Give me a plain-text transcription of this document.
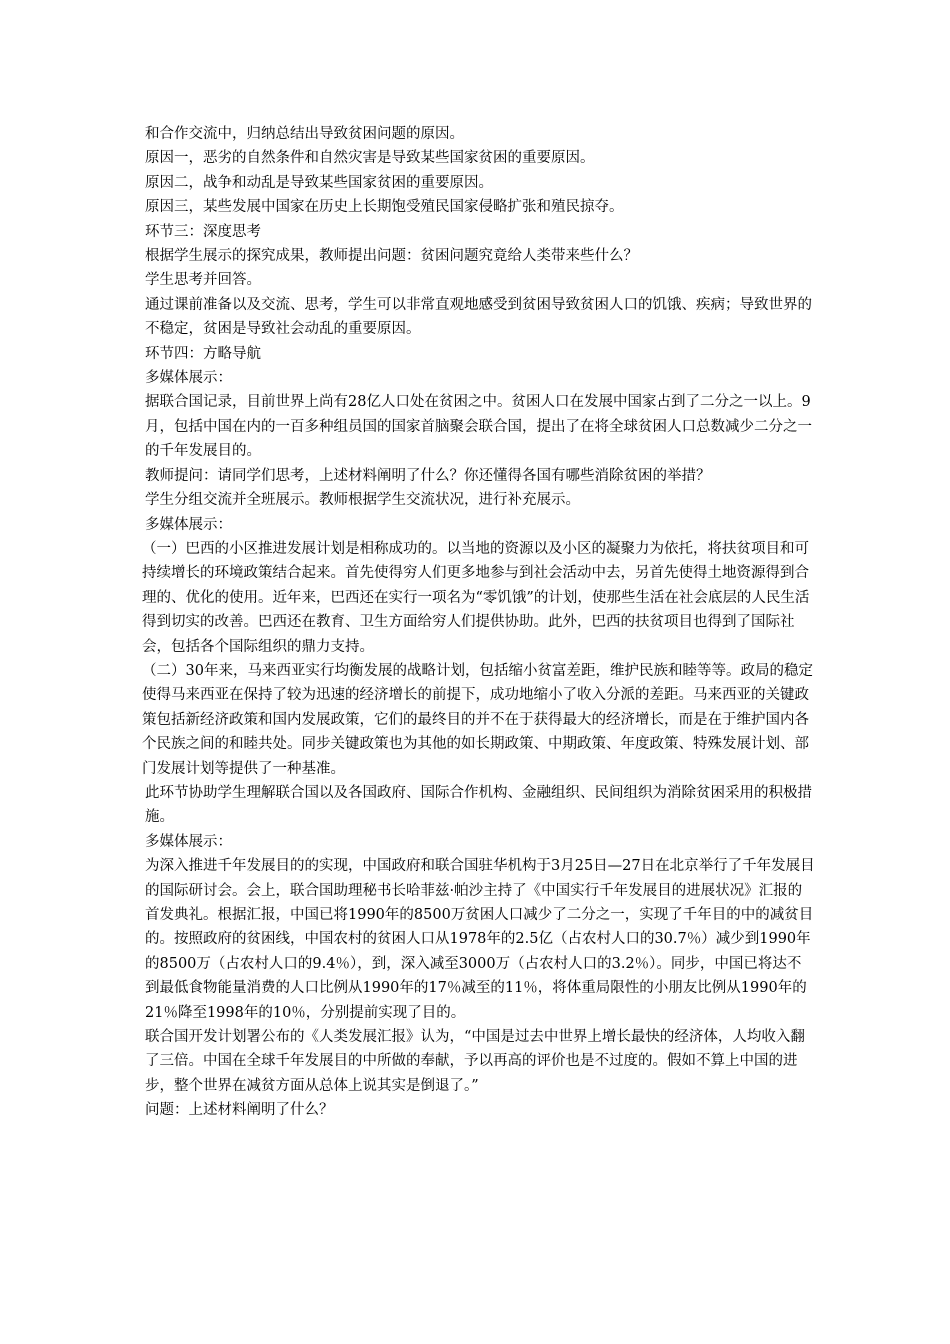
和合作交流中，归纳总结出导致贫困问题的原因。

原因一，恶劣的自然条件和自然灾害是导致某些国家贫困的重要原因。

原因二，战争和动乱是导致某些国家贫困的重要原因。

原因三，某些发展中国家在历史上长期饱受殖民国家侵略扩张和殖民掠夺。

环节三：深度思考

根据学生展示的探究成果，教师提出问题：贫困问题究竟给人类带来些什么？

学生思考并回答。

通过课前准备以及交流、思考，学生可以非常直观地感受到贫困导致贫困人口的饥饿、疾病；导致世界的不稳定，贫困是导致社会动乱的重要原因。

环节四：方略导航

多媒体展示：

据联合国记录，目前世界上尚有28亿人口处在贫困之中。贫困人口在发展中国家占到了二分之一以上。9月，包括中国在内的一百多种组员国的国家首脑聚会联合国，提出了在将全球贫困人口总数减少二分之一的千年发展目的。

教师提问：请同学们思考，上述材料阐明了什么？你还懂得各国有哪些消除贫困的举措？

学生分组交流并全班展示。教师根据学生交流状况，进行补充展示。

多媒体展示：

（一）巴西的小区推进发展计划是相称成功的。以当地的资源以及小区的凝聚力为依托，将扶贫项目和可持续增长的环境政策结合起来。首先使得穷人们更多地参与到社会活动中去，另首先使得土地资源得到合理的、优化的使用。近年来，巴西还在实行一项名为“零饥饿”的计划，使那些生活在社会底层的人民生活得到切实的改善。巴西还在教育、卫生方面给穷人们提供协助。此外，巴西的扶贫项目也得到了国际社会，包括各个国际组织的鼎力支持。

（二）30年来，马来西亚实行均衡发展的战略计划，包括缩小贫富差距，维护民族和睦等等。政局的稳定使得马来西亚在保持了较为迅速的经济增长的前提下，成功地缩小了收入分派的差距。马来西亚的关键政策包括新经济政策和国内发展政策，它们的最终目的并不在于获得最大的经济增长，而是在于维护国内各个民族之间的和睦共处。同步关键政策也为其他的如长期政策、中期政策、年度政策、特殊发展计划、部门发展计划等提供了一种基准。

此环节协助学生理解联合国以及各国政府、国际合作机构、金融组织、民间组织为消除贫困采用的积极措施。

多媒体展示：

为深入推进千年发展目的的实现，中国政府和联合国驻华机构于3月25日—27日在北京举行了千年发展目的国际研讨会。会上，联合国助理秘书长哈菲兹·帕沙主持了《中国实行千年发展目的进展状况》汇报的首发典礼。根据汇报，中国已将1990年的8500万贫困人口减少了二分之一，实现了千年目的中的减贫目的。按照政府的贫困线，中国农村的贫困人口从1978年的2.5亿（占农村人口的30.7％）减少到1990年的8500万（占农村人口的9.4％），到，深入减至3000万（占农村人口的3.2％）。同步，中国已将达不到最低食物能量消费的人口比例从1990年的17％减至的11％，将体重局限性的小朋友比例从1990年的21％降至1998年的10％，分别提前实现了目的。

联合国开发计划署公布的《人类发展汇报》认为，“中国是过去中世界上增长最快的经济体，人均收入翻了三倍。中国在全球千年发展目的中所做的奉献，予以再高的评价也是不过度的。假如不算上中国的进步，整个世界在减贫方面从总体上说其实是倒退了。”

问题：上述材料阐明了什么？
